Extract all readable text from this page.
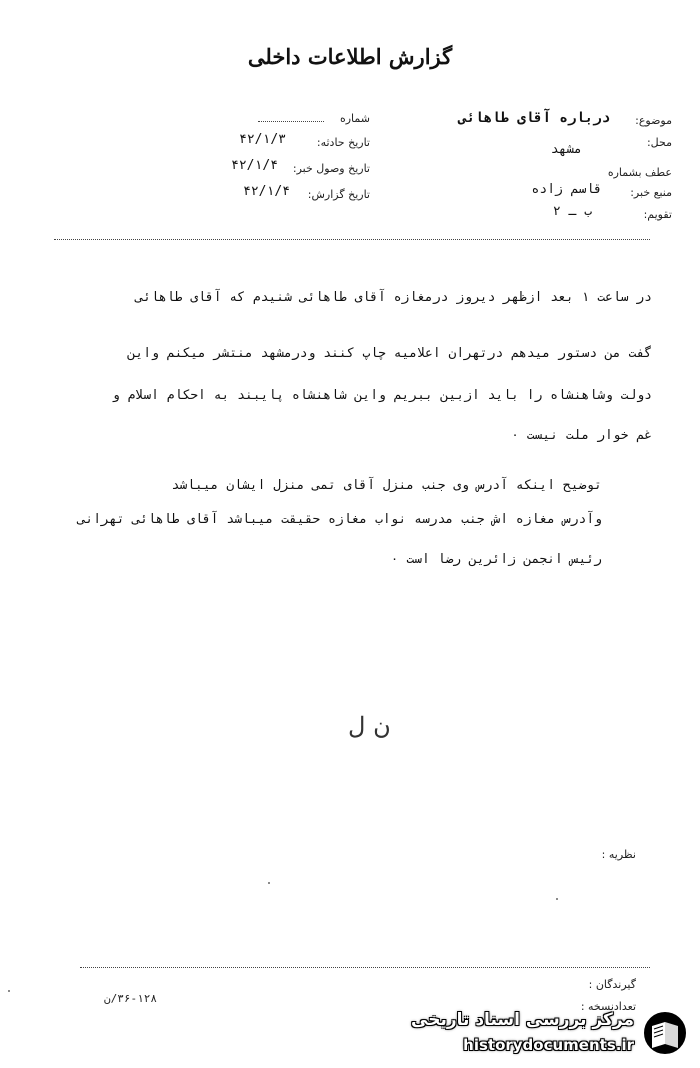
گزارش اطلاعات داخلی
شماره
تاریخ حادثه:
۴۲/۱/۳
تاریخ وصول خبر:
۴۲/۱/۴
تاریخ گزارش:
۴۲/۱/۴
موضوع:
درباره آقای طاهائی
محل:
مشهد
عطف بشماره
منبع خبر:
قاسم زاده
تقویم:
ب ـ ۲
در ساعت ۱ بعد ازظهر دیروز درمغازه آقای طاهائی شنیدم که آقای طاهائی
گفت من دستور میدهم درتهران اعلامیه چاپ کنند ودرمشهد منتشر میکنم واین
دولت وشاهنشاه را باید ازبین ببریم واین شاهنشاه پایبند به احکام اسلام و
غم خوار ملت نیست ۰
توضیح اینکه آدرس وی جنب منزل آقای تمی منزل ایشان میباشد
وآدرس مغازه اش جنب مدرسه نواب مغازه حقیقت میباشد آقای طاهائی تهرانی
رئیس انجمن زائرین رضا است ۰
ن ل
نظریه :
گیرندگان :
تعدادنسخه :
۳۶-۱۲۸/ن
مرکز بررسی اسناد تاریخی
historydocuments.ir
